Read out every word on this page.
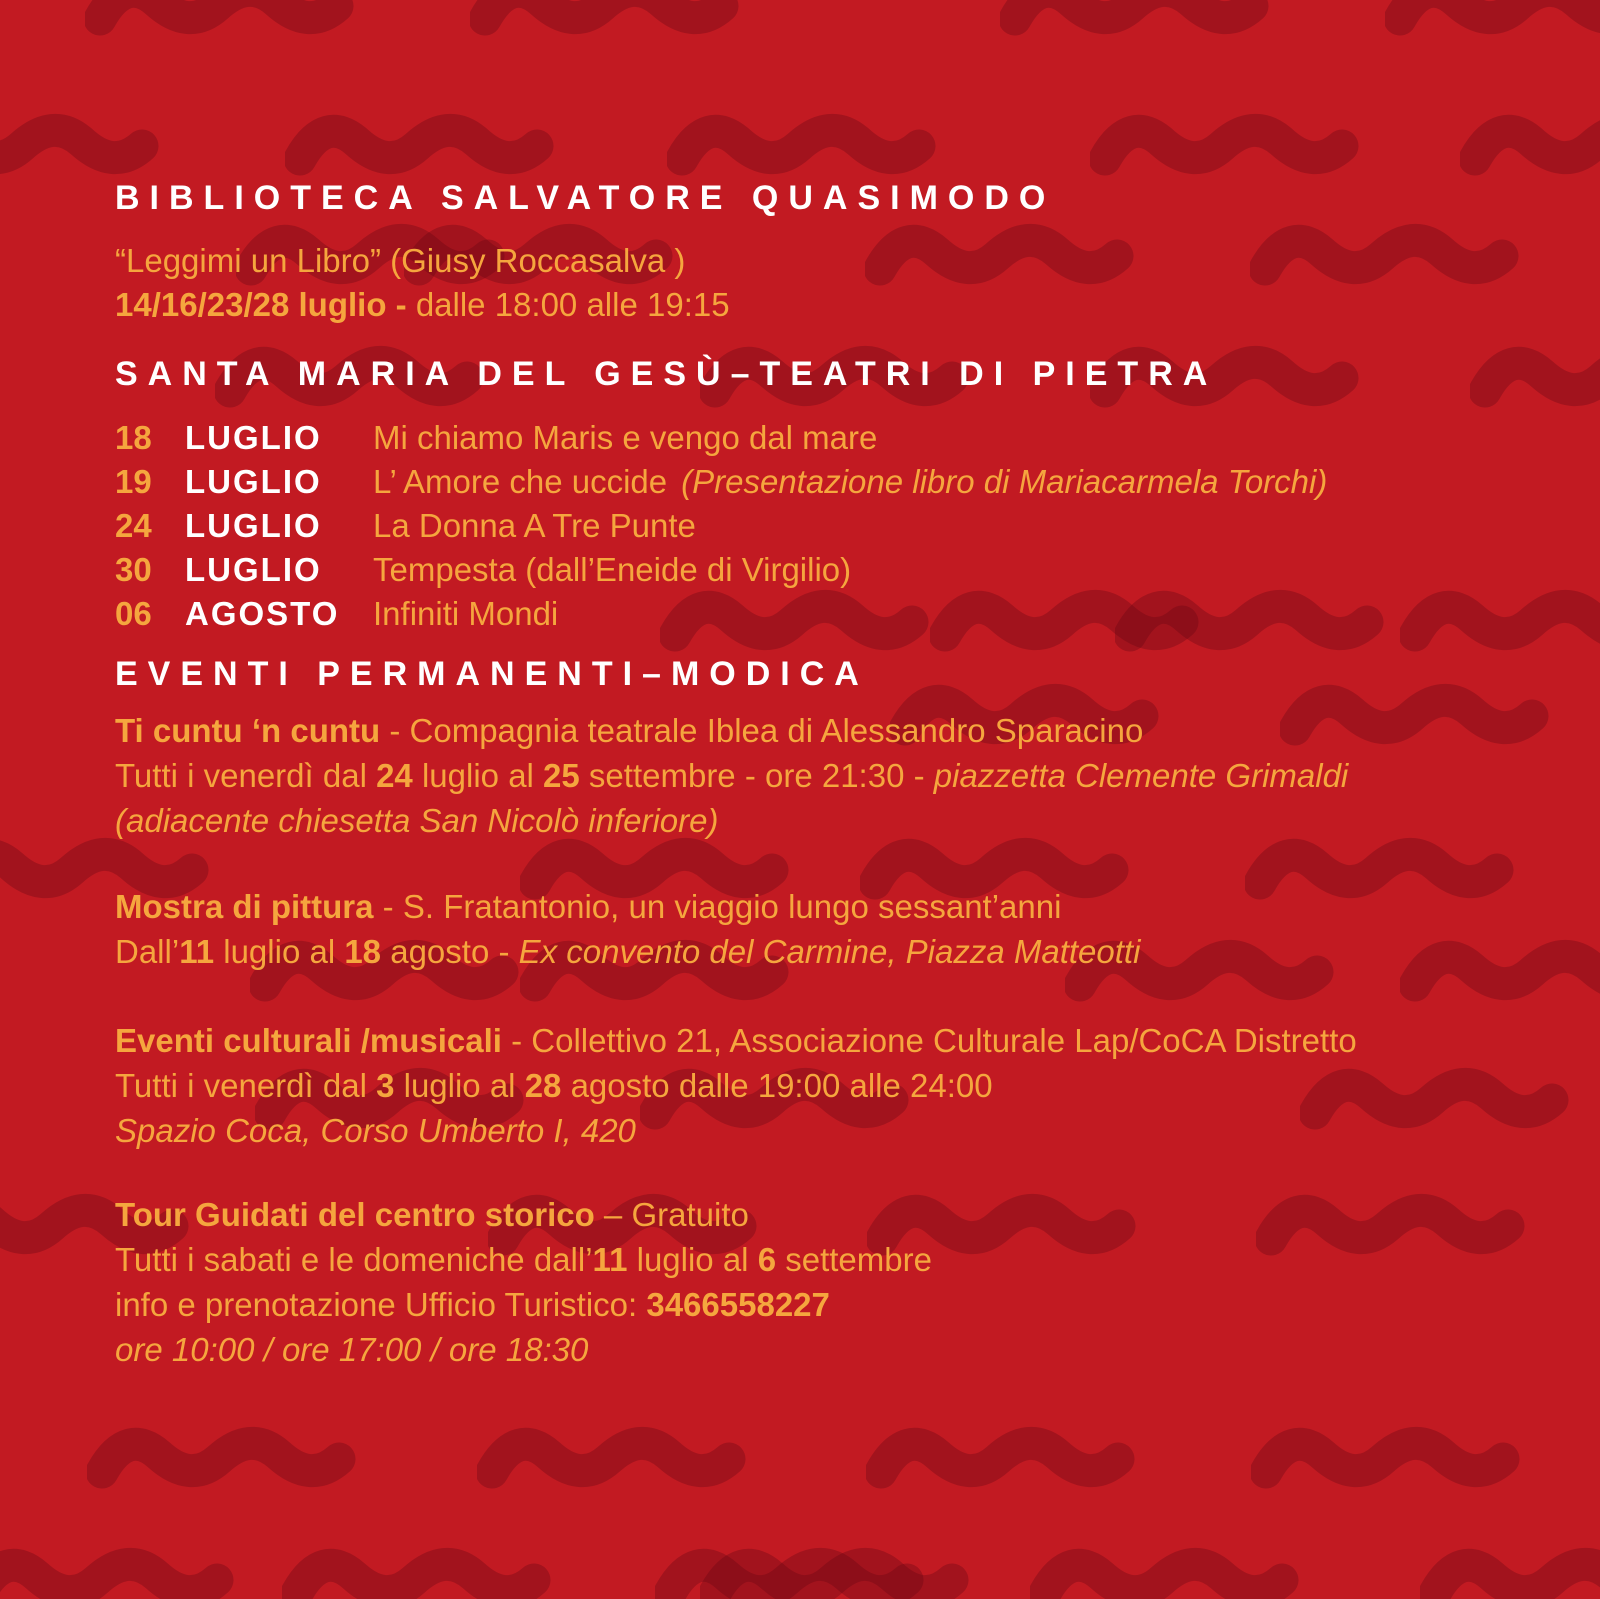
BIBLIOTECA SALVATORE QUASIMODO
“Leggimi un Libro” (Giusy Roccasalva )
14/16/23/28 luglio - dalle 18:00 alle 19:15
SANTA MARIA DEL GESÙ–TEATRI DI PIETRA
18	LUGLIO	Mi chiamo Maris e vengo dal mare
19	LUGLIO	L’ Amore che uccide (Presentazione libro di Mariacarmela Torchi)
24	LUGLIO	La Donna A Tre Punte
30	LUGLIO	Tempesta (dall’Eneide di Virgilio)
06	AGOSTO	Infiniti Mondi
EVENTI PERMANENTI–MODICA
Ti cuntu ‘n cuntu - Compagnia teatrale Iblea di Alessandro Sparacino
Tutti i venerdì dal 24 luglio al 25 settembre - ore 21:30 - piazzetta Clemente Grimaldi
(adiacente chiesetta San Nicolò inferiore)
Mostra di pittura - S. Fratantonio, un viaggio lungo sessant’anni
Dall’11 luglio al 18 agosto - Ex convento del Carmine, Piazza Matteotti
Eventi culturali /musicali - Collettivo 21, Associazione Culturale Lap/CoCA Distretto
Tutti i venerdì dal 3 luglio al 28 agosto dalle 19:00 alle 24:00
Spazio Coca, Corso Umberto I, 420
Tour Guidati del centro storico – Gratuito
Tutti i sabati e le domeniche dall’11 luglio al 6 settembre
info e prenotazione Ufficio Turistico: 3466558227
ore 10:00 / ore 17:00 / ore 18:30
